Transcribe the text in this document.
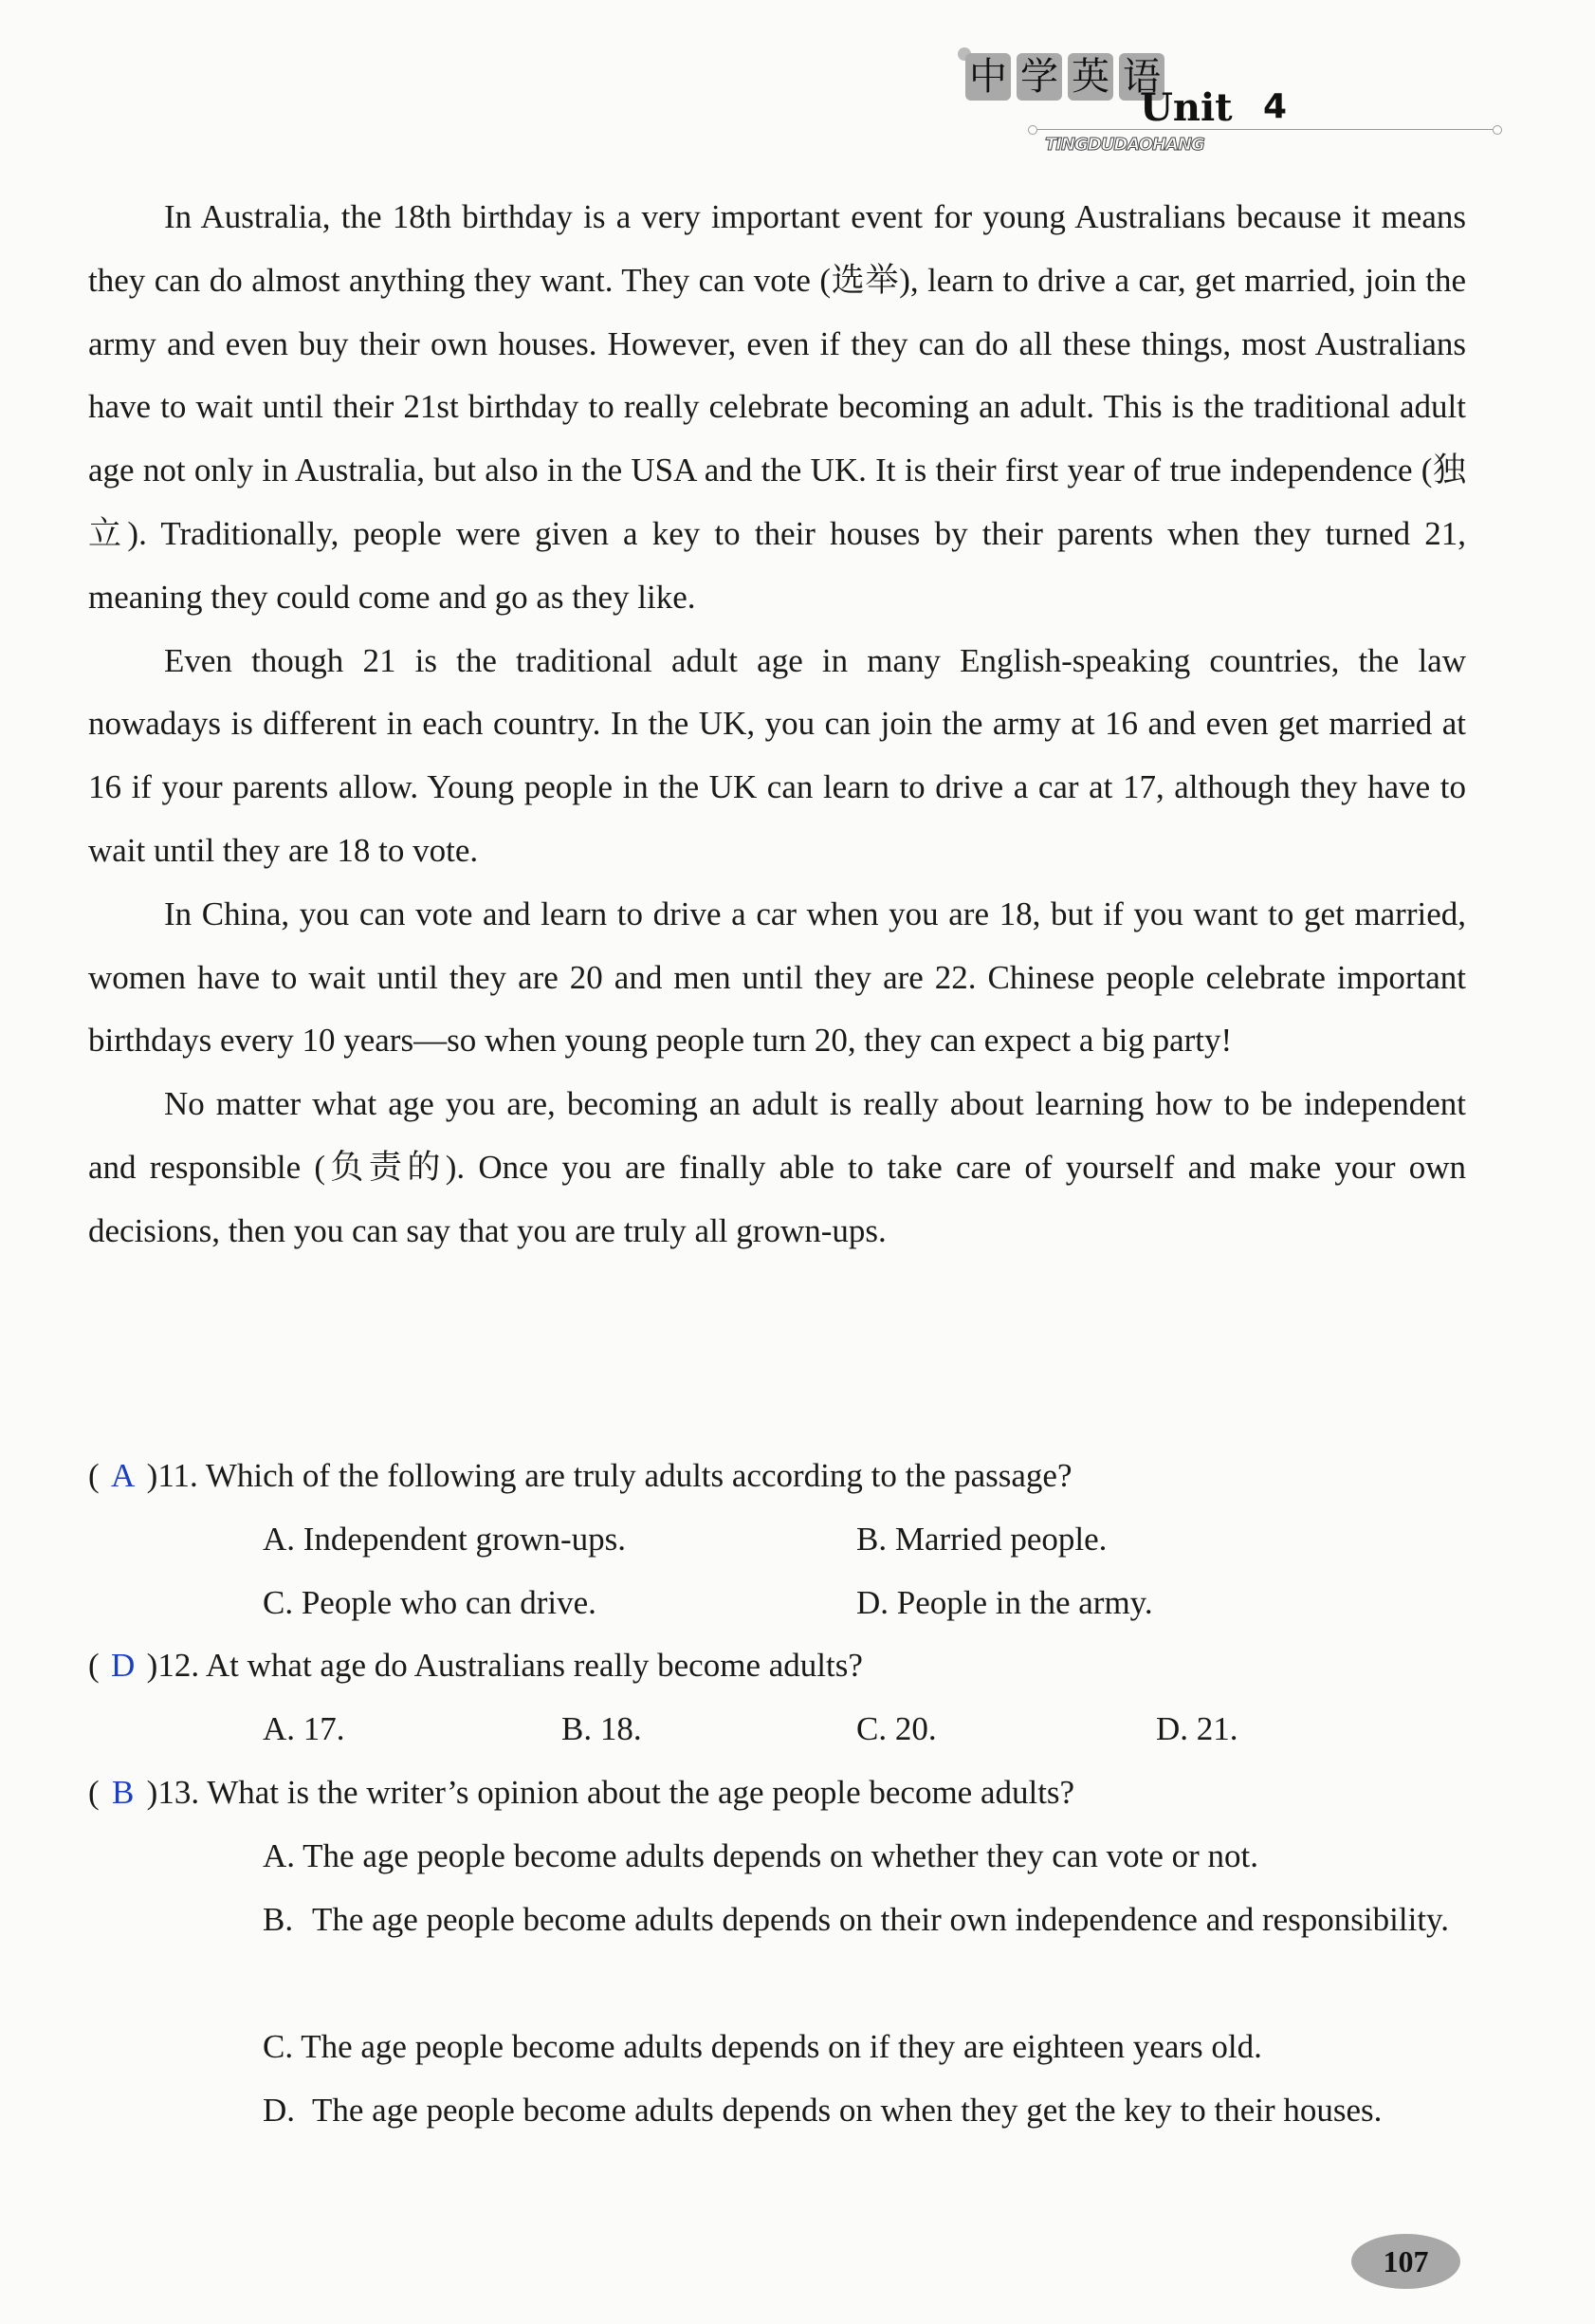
中 学 英 语
Unit 4
TINGDUDAOHANG

In Australia, the 18th birthday is a very important event for young Australians because it means they can do almost anything they want. They can vote (选举), learn to drive a car, get married, join the army and even buy their own houses. However, even if they can do all these things, most Australians have to wait until their 21st birthday to really celebrate becoming an adult. This is the traditional adult age not only in Australia, but also in the USA and the UK. It is their first year of true independence (独立). Traditionally, people were given a key to their houses by their parents when they turned 21, meaning they could come and go as they like.

Even though 21 is the traditional adult age in many English-speaking countries, the law nowadays is different in each country. In the UK, you can join the army at 16 and even get married at 16 if your parents allow. Young people in the UK can learn to drive a car at 17, although they have to wait until they are 18 to vote.

In China, you can vote and learn to drive a car when you are 18, but if you want to get married, women have to wait until they are 20 and men until they are 22. Chinese people celebrate important birthdays every 10 years—so when young people turn 20, they can expect a big party!

No matter what age you are, becoming an adult is really about learning how to be independent and responsible (负责的). Once you are finally able to take care of yourself and make your own decisions, then you can say that you are truly all grown-ups.

( A )11. Which of the following are truly adults according to the passage?
A. Independent grown-ups.	B. Married people.
C. People who can drive.	D. People in the army.
( D )12. At what age do Australians really become adults?
A. 17.	B. 18.	C. 20.	D. 21.
( B )13. What is the writer’s opinion about the age people become adults?
A. The age people become adults depends on whether they can vote or not.
B. The age people become adults depends on their own independence and responsibility.
C. The age people become adults depends on if they are eighteen years old.
D. The age people become adults depends on when they get the key to their houses.
107
